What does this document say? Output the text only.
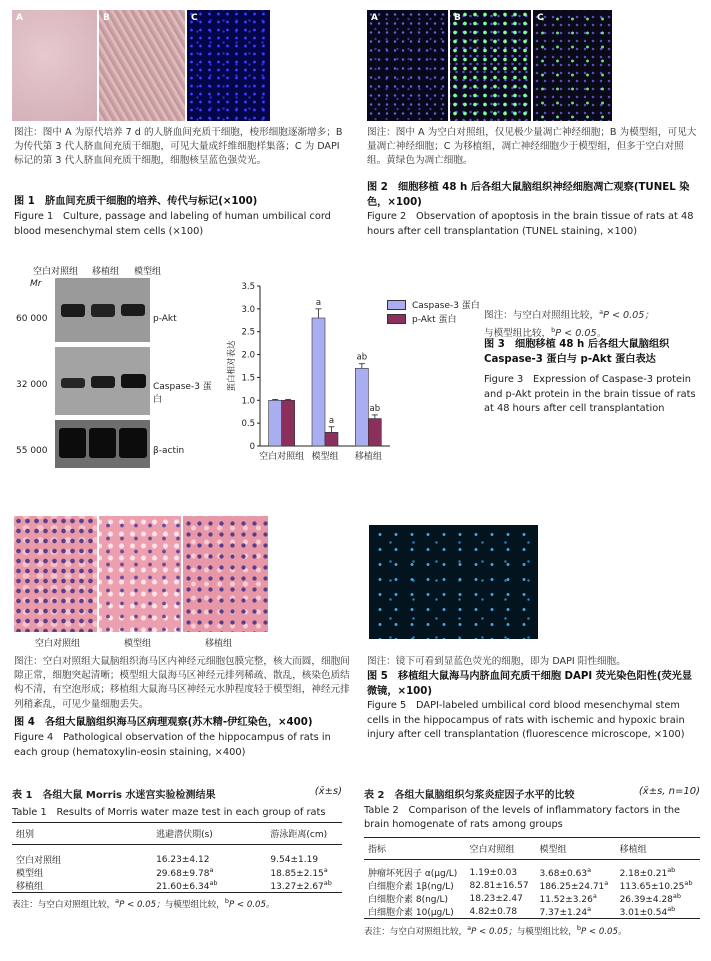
A	B	C
图注：图中 A 为原代培养 7 d 的人脐血间充质干细胞，梭形细胞逐渐增多；B 为传代第 3 代人脐血间充质干细胞，可见大量成纤维细胞样集落；C 为 DAPI 标记的第 3 代人脐血间充质干细胞，细胞核呈蓝色强荧光。
图 1　脐血间充质干细胞的培养、传代与标记(×100)
Figure 1　Culture, passage and labeling of human umbilical cord blood mesenchymal stem cells (×100)
A	B	C
图注：图中 A 为空白对照组，仅见极少量凋亡神经细胞；B 为模型组，可见大量凋亡神经细胞；C 为移植组，凋亡神经细胞少于模型组，但多于空白对照组。黄绿色为凋亡细胞。
图 2　细胞移植 48 h 后各组大鼠脑组织神经细胞凋亡观察(TUNEL 染色，×100)
Figure 2　Observation of apoptosis in the brain tissue of rats at 48 hours after cell transplantation (TUNEL staining, ×100)
空白对照组 移植组 模型组
Mr
60 000
32 000
55 000
p-Akt
Caspase-3 蛋白
β-actin	0
0.5
1.0
1.5
2.0
2.5
3.0
3.5
蛋白相对表达
空白对照组
a
a
模型组
ab
ab
移植组
Caspase-3 蛋白
p-Akt 蛋白	图注：与空白对照组比较，$^a$P < 0.05；
与模型组比较，$^b$P < 0.05。
图 3　细胞移植 48 h 后各组大鼠脑组织 Caspase-3 蛋白与 p-Akt 蛋白表达
Figure 3　Expression of Caspase-3 protein and p-Akt protein in the brain tissue of rats at 48 hours after cell transplantation
空白对照组	模型组	移植组
图注：空白对照组大鼠脑组织海马区内神经元细胞包膜完整，核大而圆，细胞间隙正常，细胞突起清晰；模型组大鼠海马区神经元排列稀疏、散乱，核染色质结构不清，有空泡形成；移植组大鼠海马区神经元水肿程度轻于模型组，神经元排列稍紊乱，可见少量细胞丢失。
图 4　各组大鼠脑组织海马区病理观察(苏木精-伊红染色，×400)
Figure 4　Pathological observation of the hippocampus of rats in each group (hematoxylin-eosin staining, ×400)
图注：镜下可看到显蓝色荧光的细胞，即为 DAPI 阳性细胞。
图 5　移植组大鼠海马内脐血间充质干细胞 DAPI 荧光染色阳性(荧光显微镜，×100)
Figure 5　DAPI-labeled umbilical cord blood mesenchymal stem cells in the hippocampus of rats with ischemic and hypoxic brain injury after cell transplantation (fluorescence microscope, ×100)
表 1　各组大鼠 Morris 水迷宫实验检测结果	(x̄±s)
Table 1　Results of Morris water maze test in each group of rats
组别	逃避潜伏期(s)	游泳距离(cm)

空白对照组	16.23±4.12	9.54±1.19
模型组	29.68±9.78$^a$	18.85±2.15$^a$
移植组	21.60±6.34$^{ab}$	13.27±2.67$^{ab}$
表注：与空白对照组比较，$^a$P < 0.05；与模型组比较，$^b$P < 0.05。
表 2　各组大鼠脑组织匀浆炎症因子水平的比较	(x̄±s, n=10)
Table 2　Comparison of the levels of inflammatory factors in the brain homogenate of rats among groups
指标	空白对照组	模型组	移植组

肿瘤坏死因子 α(μg/L)	1.19±0.03	3.68±0.63$^a$	2.18±0.21$^{ab}$
白细胞介素 1β(ng/L)	82.81±16.57	186.25±24.71$^a$	113.65±10.25$^{ab}$
白细胞介素 8(ng/L)	18.23±2.47	11.52±3.26$^a$	26.39±4.28$^{ab}$
白细胞介素 10(μg/L)	4.82±0.78	7.37±1.24$^a$	3.01±0.54$^{ab}$
表注：与空白对照组比较，$^a$P < 0.05；与模型组比较，$^b$P < 0.05。
